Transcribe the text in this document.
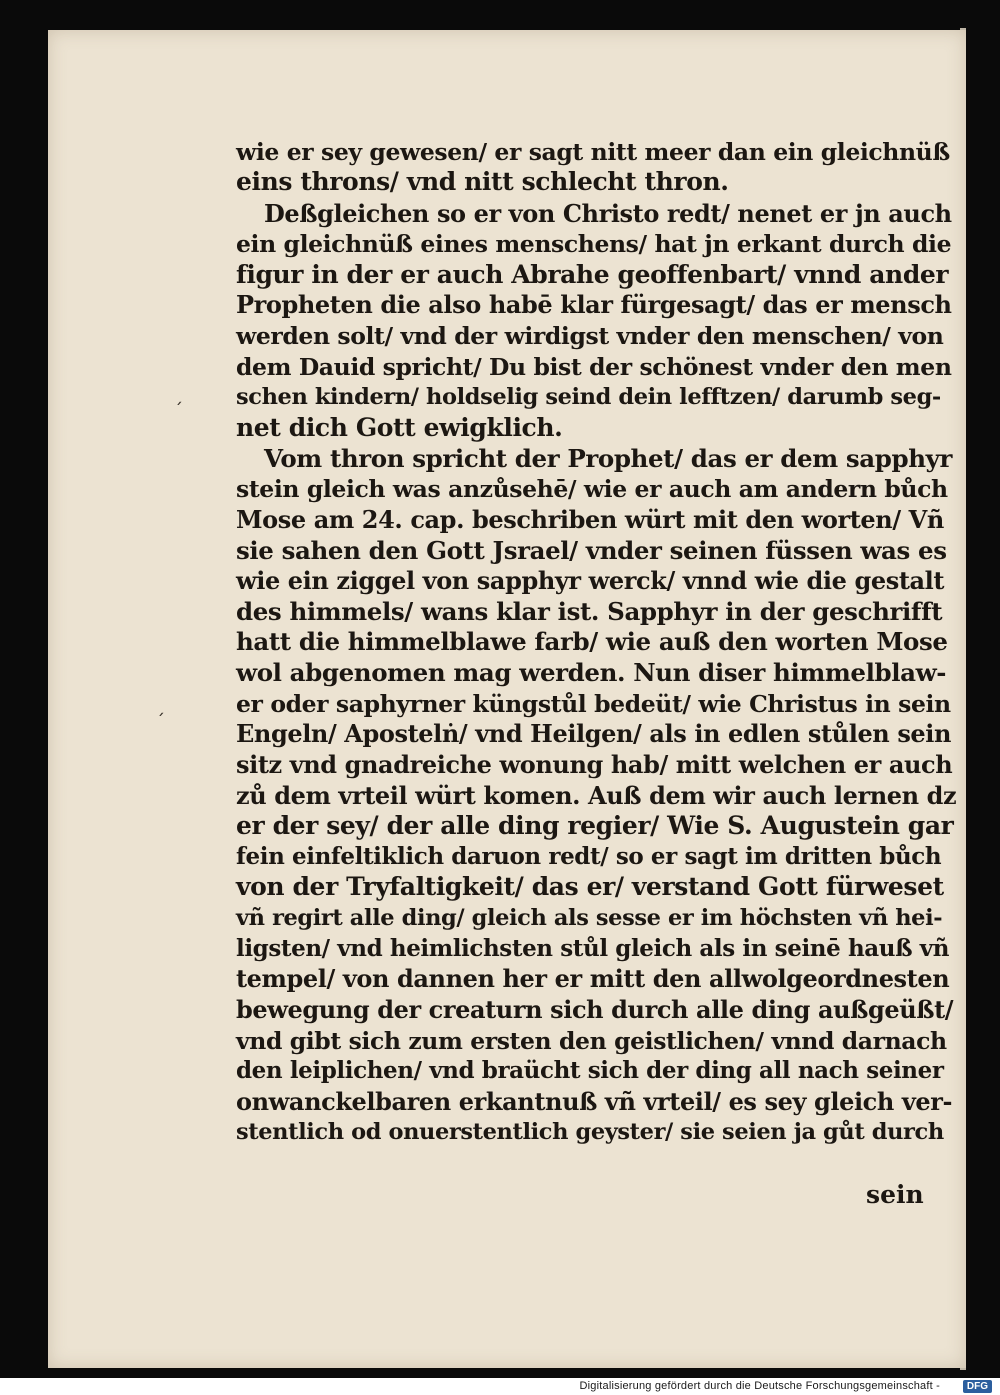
wie er sey gewesen/ er sagt nitt meer dan ein gleichnüß
eins throns/ vnd nitt schlecht thron.
Deßgleichen so er von Christo redt/ nenet er jn auch
ein gleichnüß eines menschens/ hat jn erkant durch die
figur in der er auch Abrahe geoffenbart/ vnnd ander
Propheten die also habē klar fürgesagt/ das er mensch
werden solt/ vnd der wirdigst vnder den menschen/ von
dem Dauid spricht/ Du bist der schönest vnder den men
schen kindern/ holdselig seind dein lefftzen/ darumb seg-
net dich Gott ewigklich.
Vom thron spricht der Prophet/ das er dem sapphyr
stein gleich was anzůsehē/ wie er auch am andern bůch
Mose am 24. cap. beschriben würt mit den worten/ Vñ
sie sahen den Gott Jsrael/ vnder seinen füssen was es
wie ein ziggel von sapphyr werck/ vnnd wie die gestalt
des himmels/ wans klar ist. Sapphyr in der geschrifft
hatt die himmelblawe farb/ wie auß den worten Mose
wol abgenomen mag werden. Nun diser himmelblaw-
er oder saphyrner küngstůl bedeüt/ wie Christus in sein
Engeln/ Apostelṅ/ vnd Heilgen/ als in edlen stůlen sein
sitz vnd gnadreiche wonung hab/ mitt welchen er auch
zů dem vrteil würt komen. Auß dem wir auch lernen dz
er der sey/ der alle ding regier/ Wie S. Augustein gar
fein einfeltiklich daruon redt/ so er sagt im dritten bůch
von der Tryfaltigkeit/ das er/ verstand Gott fürweset
vñ regirt alle ding/ gleich als sesse er im höchsten vñ hei-
ligsten/ vnd heimlichsten stůl gleich als in seinē hauß vñ
tempel/ von dannen her er mitt den allwolgeordnesten
bewegung der creaturn sich durch alle ding außgeüßt/
vnd gibt sich zum ersten den geistlichen/ vnnd darnach
den leiplichen/ vnd braücht sich der ding all nach seiner
onwanckelbaren erkantnuß vñ vrteil/ es sey gleich ver-
stentlich od onuerstentlich geyster/ sie seien ja gůt durch
sein
ˏ
ˏ
Digitalisierung gefördert durch die Deutsche Forschungsgemeinschaft -	DFG
